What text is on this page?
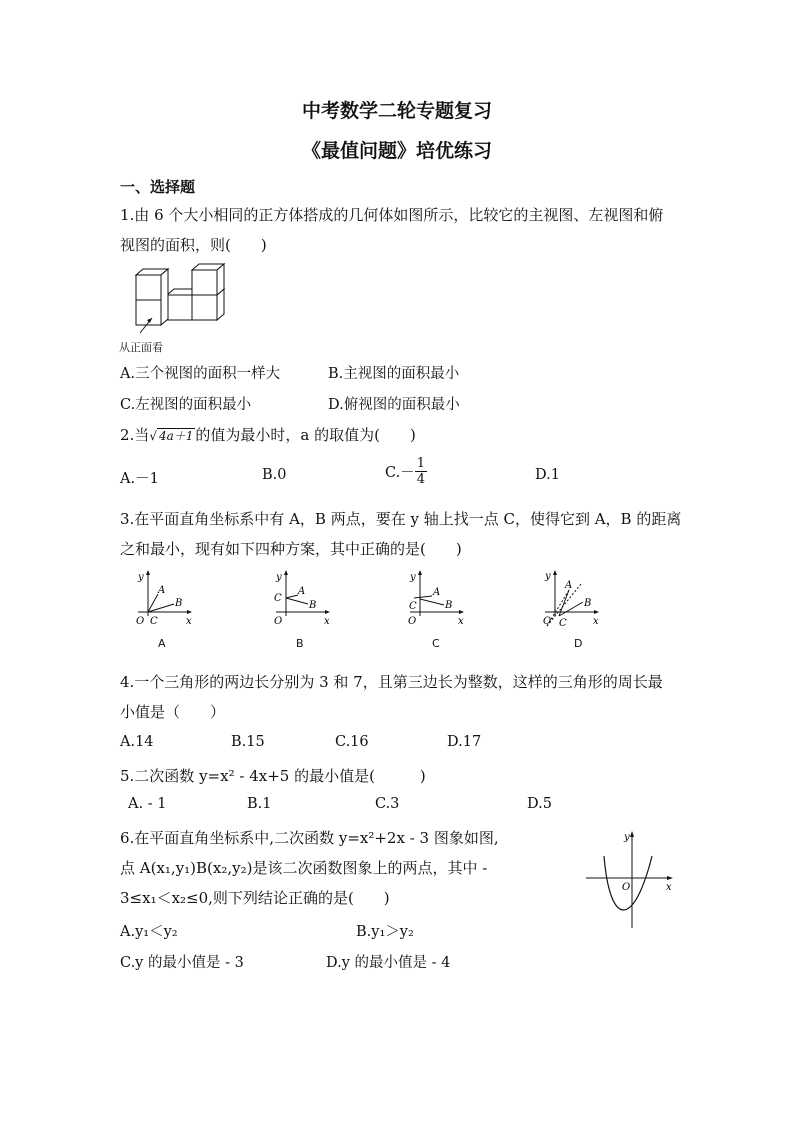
中考数学二轮专题复习
《最值问题》培优练习
一、选择题
1.由 6 个大小相同的正方体搭成的几何体如图所示，比较它的主视图、左视图和俯
视图的面积，则(　　)
从正面看
A.三个视图的面积一样大	B.主视图的面积最小
C.左视图的面积最小	D.俯视图的面积最小
2.当√ 4a＋1 的值为最小时，a 的取值为(　　)
A.－1	B.0	$C.- \frac{1}{4}$	D.1
3.在平面直角坐标系中有 A，B 两点，要在 y 轴上找一点 C，使得它到 A，B 的距离
之和最小，现有如下四种方案，其中正确的是(　　)
y
x
O C
A
B
A
y
x
O
C
A
B
B
y
x
O
C
A
B
C
y
x
O C
A
B
D
4.一个三角形的两边长分别为 3 和 7，且第三边长为整数，这样的三角形的周长最
小值是（　　）
A.14	B.15	C.16	D.17
5.二次函数 y=x² - 4x+5 的最小值是(　　　)
A. - 1	B.1	C.3	D.5
6.在平面直角坐标系中,二次函数 y=x²+2x - 3 图象如图,
点 A(x₁,y₁)B(x₂,y₂)是该二次函数图象上的两点，其中 -
3≤x₁＜x₂≤0,则下列结论正确的是(　　)
A.y₁＜y₂	B.y₁＞y₂
C.y 的最小值是 - 3	D.y 的最小值是 - 4
y
x
O
